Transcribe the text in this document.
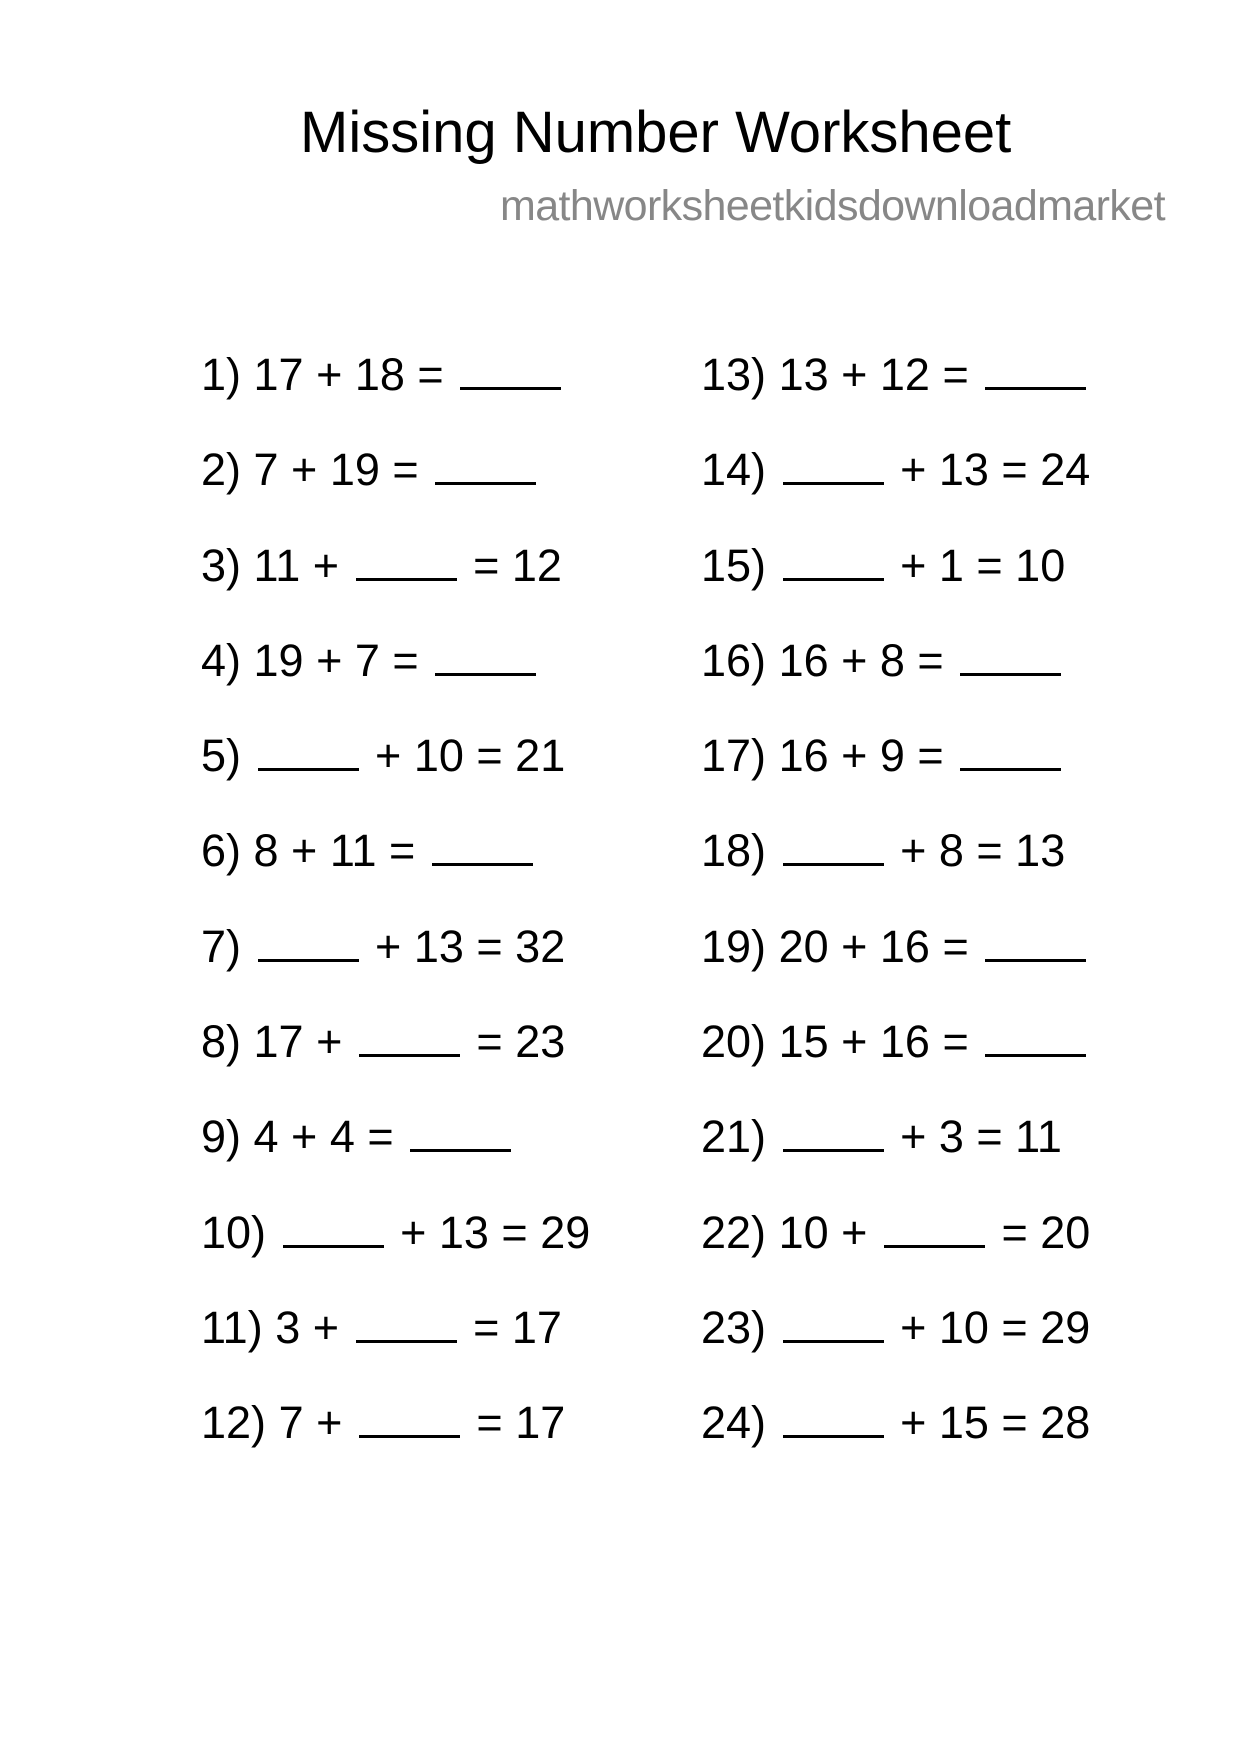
Missing Number Worksheet
mathworksheetkidsdownloadmarket
1) 17 + 18 =
2) 7 + 19 =
3) 11 +	= 12
4) 19 + 7 =
5)	+ 10 = 21
6) 8 + 11 =
7)	+ 13 = 32
8) 17 +	= 23
9) 4 + 4 =
10)	+ 13 = 29
11) 3 +	= 17
12) 7 +	= 17
13) 13 + 12 =
14)	+ 13 = 24
15)	+ 1 = 10
16) 16 + 8 =
17) 16 + 9 =
18)	+ 8 = 13
19) 20 + 16 =
20) 15 + 16 =
21)	+ 3 = 11
22) 10 +	= 20
23)	+ 10 = 29
24)	+ 15 = 28
